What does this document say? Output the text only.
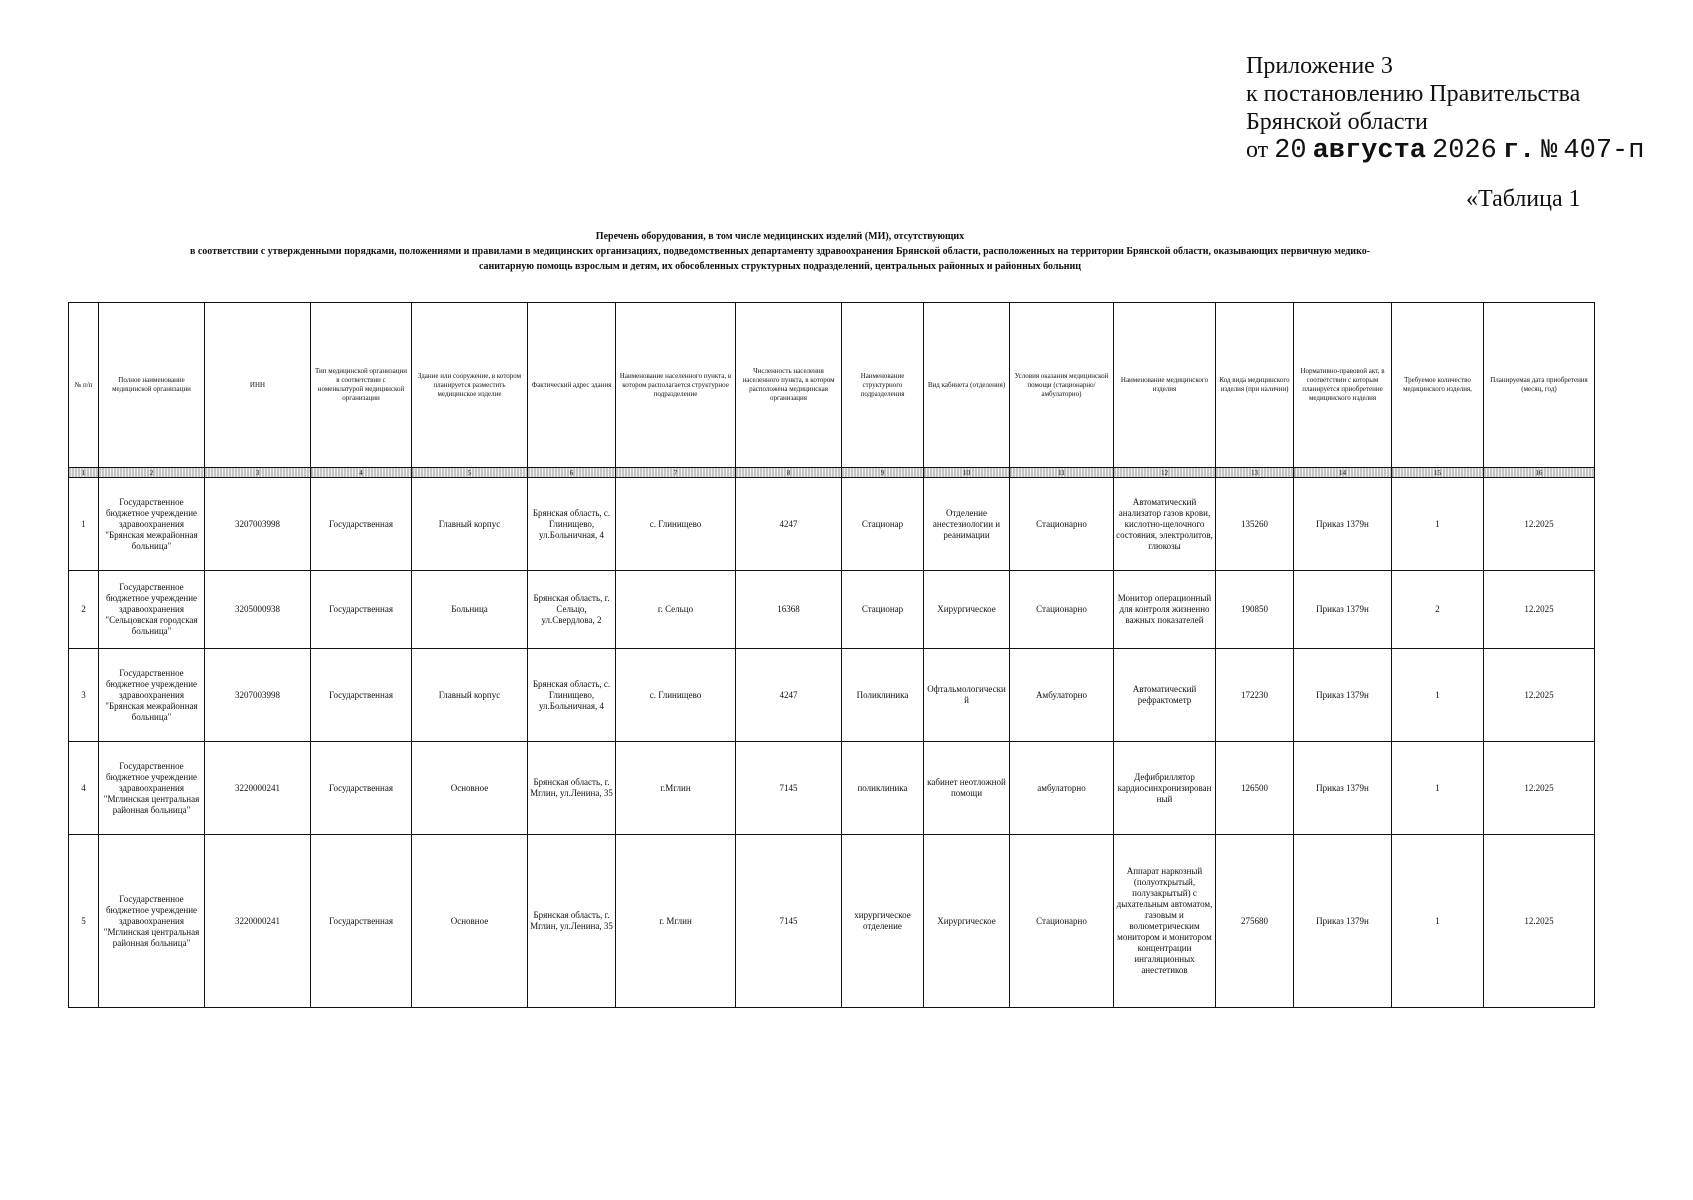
Приложение 3
к постановлению Правительства
Брянской области
от 20 августа 2026 г. № 407-п
«Таблица 1
Перечень оборудования, в том числе медицинских изделий (МИ), отсутствующих
в соответствии с утвержденными порядками, положениями и правилами в медицинских организациях, подведомственных департаменту здравоохранения Брянской области, расположенных на территории Брянской области, оказывающих первичную медико-
санитарную помощь взрослым и детям, их обособленных структурных подразделений, центральных районных и районных больниц
№ п/п	Полное наименование медицинской организации	ИНН	Тип медицинской организации в соответствии с номенклатурой медицинской организации	Здание или сооружение, в котором планируется разместить медицинское изделие	Фактический адрес здания	Наименование населенного пункта, в котором располагается структурное подразделение	Численность населения населенного пункта, в котором расположена медицинская организация	Наименование структурного подразделения	Вид кабинета (отделения)	Условия оказания медицинской помощи (стационарно/амбулаторно)	Наименование медицинского изделия	Код вида медицинского изделия (при наличии)	Нормативно-правовой акт, в соответствии с которым планируется приобретение медицинского изделия	Требуемое количество медицинского изделия,	Планируемая дата приобретения (месяц, год)
1	2	3	4	5	6	7	8	9	10	11	12	13	14	15	16
1	Государственное бюджетное учреждение здравоохранения "Брянская межрайонная больница"	3207003998	Государственная	Главный корпус	Брянская область, с. Глинищево, ул.Больничная, 4	с. Глинищево	4247	Стационар	Отделение анестезиологии и реанимации	Стационарно	Автоматический анализатор газов крови, кислотно-щелочного состояния, электролитов, глюкозы	135260	Приказ 1379н	1	12.2025
2	Государственное бюджетное учреждение здравоохранения "Сельцовская городская больница"	3205000938	Государственная	Больница	Брянская область, г. Сельцо, ул.Свердлова, 2	г. Сельцо	16368	Стационар	Хирургическое	Стационарно	Монитор операционный для контроля жизненно важных показателей	190850	Приказ 1379н	2	12.2025
3	Государственное бюджетное учреждение здравоохранения "Брянская межрайонная больница"	3207003998	Государственная	Главный корпус	Брянская область, с. Глинищево, ул.Больничная, 4	с. Глинищево	4247	Поликлиника	Офтальмологический	Амбулаторно	Автоматический рефрактометр	172230	Приказ 1379н	1	12.2025
4	Государственное бюджетное учреждение здравоохранения "Мглинская центральная районная больница"	3220000241	Государственная	Основное	Брянская область, г. Мглин, ул.Ленина, 35	г.Мглин	7145	поликлиника	кабинет неотложной помощи	амбулаторно	Дефибриллятор кардиосинхронизированный	126500	Приказ 1379н	1	12.2025
5	Государственное бюджетное учреждение здравоохранения "Мглинская центральная районная больница"	3220000241	Государственная	Основное	Брянская область, г. Мглин, ул.Ленина, 35	г. Мглин	7145	хирургическое отделение	Хирургическое	Стационарно	Аппарат наркозный (полуоткрытый, полузакрытый) с дыхательным автоматом, газовым и волюметрическим монитором и монитором концентрации ингаляционных анестетиков	275680	Приказ 1379н	1	12.2025
